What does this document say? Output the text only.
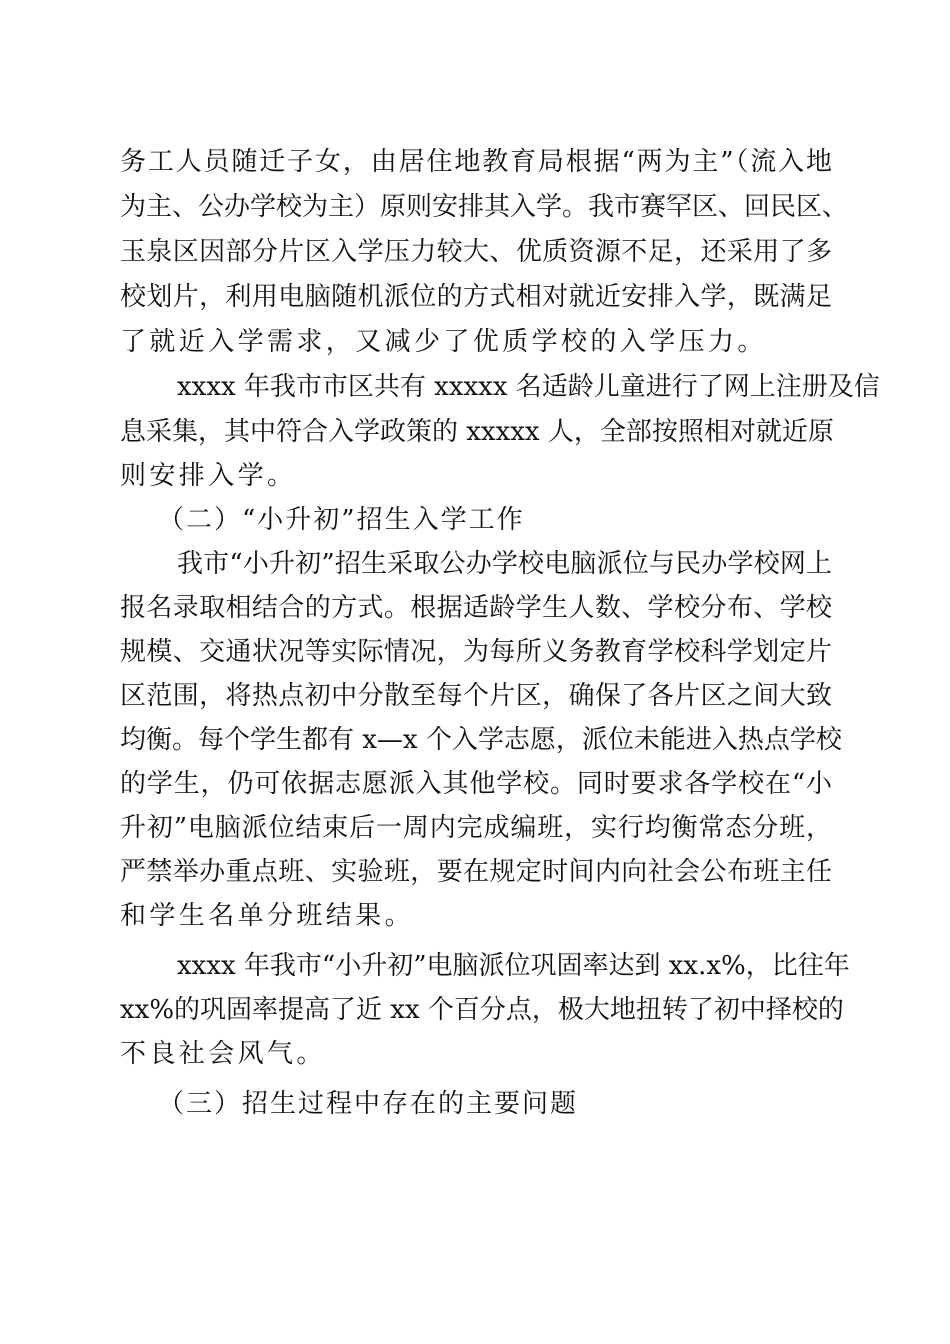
务工人员随迁子女，由居住地教育局根据“两为主”（流入地
为主、公办学校为主）原则安排其入学。我市赛罕区、回民区、
玉泉区因部分片区入学压力较大、优质资源不足，还采用了多
校划片，利用电脑随机派位的方式相对就近安排入学，既满足
了就近入学需求，又减少了优质学校的入学压力。
xxxx 年我市市区共有 xxxxx 名适龄儿童进行了网上注册及信
息采集，其中符合入学政策的 xxxxx 人，全部按照相对就近原
则安排入学。
（二）“小升初”招生入学工作
我市“小升初”招生采取公办学校电脑派位与民办学校网上
报名录取相结合的方式。根据适龄学生人数、学校分布、学校
规模、交通状况等实际情况，为每所义务教育学校科学划定片
区范围，将热点初中分散至每个片区，确保了各片区之间大致
均衡。每个学生都有 x—x 个入学志愿，派位未能进入热点学校
的学生，仍可依据志愿派入其他学校。同时要求各学校在“小
升初”电脑派位结束后一周内完成编班，实行均衡常态分班，
严禁举办重点班、实验班，要在规定时间内向社会公布班主任
和学生名单分班结果。
xxxx 年我市“小升初”电脑派位巩固率达到 xx.x%，比往年
xx%的巩固率提高了近 xx 个百分点，极大地扭转了初中择校的
不良社会风气。
（三）招生过程中存在的主要问题
